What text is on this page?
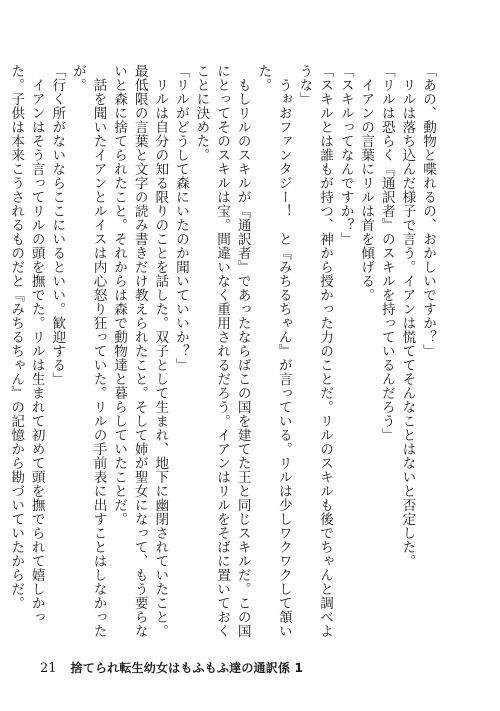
「あの、動物と喋れるの、おかしいですか？」

　リルは落ち込んだ様子で言う。イアンは慌ててそんなことはないと否定した。

「リルは恐らく『通訳者』のスキルを持っているんだろう」

　イアンの言葉にリルは首を傾げる。

「スキルってなんですか？」

「スキルとは誰もが持つ、神から授かった力のことだ。リルのスキルも後でちゃんと調べような」

　うぉおファンタジー！　と『みちるちゃん』が言っている。リルは少しワクワクして頷いた。

　もしリルのスキルが『通訳者』であったならばこの国を建てた王と同じスキルだ。この国にとってそのスキルは宝。間違いなく重用されるだろう。イアンはリルをそばに置いておくことに決めた。

「リルがどうして森にいたのか聞いていいか？」

　リルは自分の知る限りのことを話した。双子として生まれ、地下に幽閉されていたこと。最低限の言葉と文字の読み書きだけ教えられたこと。そして姉が聖女になって、もう要らないと森に捨てられたこと。それからは森で動物達と暮らしていたことだ。

　話を聞いたイアンとルイスは内心怒り狂っていた。リルの手前表に出すことはしなかったが。

「行く所がないならここにいるといい。歓迎する」

　イアンはそう言ってリルの頭を撫でた。リルは生まれて初めて頭を撫でられて嬉しかった。子供は本来こうされるものだと『みちるちゃん』の記憶から勘づいていたからだ。

21 捨てられ転生幼女はもふもふ達の通訳係 1
